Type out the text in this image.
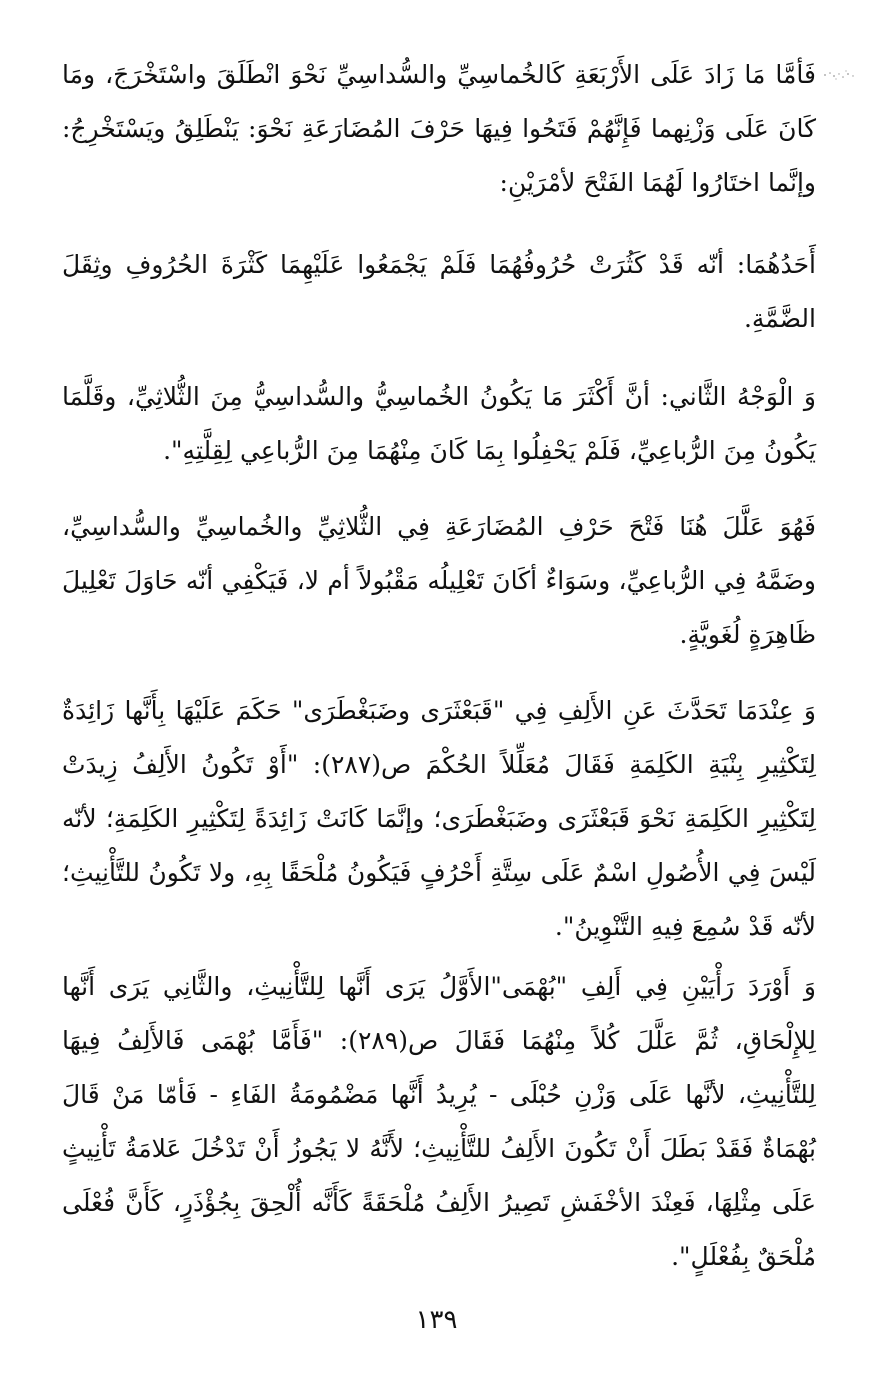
فَأمَّا مَا زَادَ عَلَى الأَرْبَعَةِ كَالخُماسِيِّ والسُّداسِيِّ نَحْوَ انْطَلَقَ واسْتَخْرَجَ، ومَا كَانَ عَلَى وَزْنِهما فَإِنَّهُمْ فَتَحُوا فِيهَا حَرْفَ المُضَارَعَةِ نَحْوَ: يَنْطَلِقُ ويَسْتَخْرِجُ: وإنَّما اختَارُوا لَهُمَا الفَتْحَ لأمْرَيْنِ:

أَحَدُهُمَا: أنّه قَدْ كَثُرَتْ حُرُوفُهُمَا فَلَمْ يَجْمَعُوا عَلَيْهِمَا كَثْرَةَ الحُرُوفِ وثِقَلَ الضَّمَّةِ.

وَ الْوَجْهُ الثَّاني: أنَّ أَكْثَرَ مَا يَكُونُ الخُماسِيُّ والسُّداسِيُّ مِنَ الثُّلاثِيِّ، وقَلَّمَا يَكُونُ مِنَ الرُّباعِيِّ، فَلَمْ يَحْفِلُوا بِمَا كَانَ مِنْهُمَا مِنَ الرُّباعِي لِقِلَّتِهِ".

فَهُوَ عَلَّلَ هُنَا فَتْحَ حَرْفِ المُضَارَعَةِ فِي الثُّلاثِيِّ والخُماسِيِّ والسُّداسِيِّ، وضَمَّهُ فِي الرُّباعِيِّ، وسَوَاءٌ أكَانَ تَعْلِيلُه مَقْبُولاً أم لا، فَيَكْفِي أنّه حَاوَلَ تَعْلِيلَ ظَاهِرَةٍ لُغَويَّةٍ.

وَ عِنْدَمَا تَحَدَّثَ عَنِ الأَلِفِ فِي "قَبَعْثَرَى وضَبَغْطَرَى" حَكَمَ عَلَيْهَا بِأَنَّها زَائِدَةٌ لِتَكْثِيرِ بِنْيَةِ الكَلِمَةِ فَقَالَ مُعَلِّلاً الحُكْمَ ص(٢٨٧): "أَوْ تَكُونُ الأَلِفُ زِيدَتْ لِتَكْثِيرِ الكَلِمَةِ نَحْوَ قَبَعْثَرَى وضَبَغْطَرَى؛ وإنَّمَا كَانَتْ زَائِدَةً لِتَكْثِيرِ الكَلِمَةِ؛ لأنّه لَيْسَ فِي الأُصُولِ اسْمٌ عَلَى سِتَّةِ أَحْرُفٍ فَيَكُونُ مُلْحَقًا بِهِ، ولا تَكُونُ للتَّأْنِيثِ؛ لأنّه قَدْ سُمِعَ فِيهِ التَّنْوِينُ".

وَ أَوْرَدَ رَأْيَيْنِ فِي أَلِفِ "بُهْمَى"الأَوَّلُ يَرَى أَنَّها لِلتَّأْنِيثِ، والثَّانِي يَرَى أَنَّها لِلإِلْحَاقِ، ثُمَّ عَلَّلَ كُلاً مِنْهُمَا فَقَالَ ص(٢٨٩): "فَأَمَّا بُهْمَى فَالأَلِفُ فِيهَا لِلتَّأْنِيثِ، لأنَّها عَلَى وَزْنِ حُبْلَى - يُرِيدُ أَنَّها مَضْمُومَةُ الفَاءِ - فَأمّا مَنْ قَالَ بُهْمَاةٌ فَقَدْ بَطَلَ أَنْ تَكُونَ الأَلِفُ للتَّأْنِيثِ؛ لأَنَّهُ لا يَجُوزُ أَنْ تَدْخُلَ عَلامَةُ تَأْنِيثٍ عَلَى مِثْلِهَا، فَعِنْدَ الأخْفَشِ تَصِيرُ الأَلِفُ مُلْحَقَةً كَأَنَّه أُلْحِقَ بِجُؤْذَرٍ، كَأَنَّ فُعْلَى مُلْحَقٌ بِفُعْلَلٍ".

١٣٩
